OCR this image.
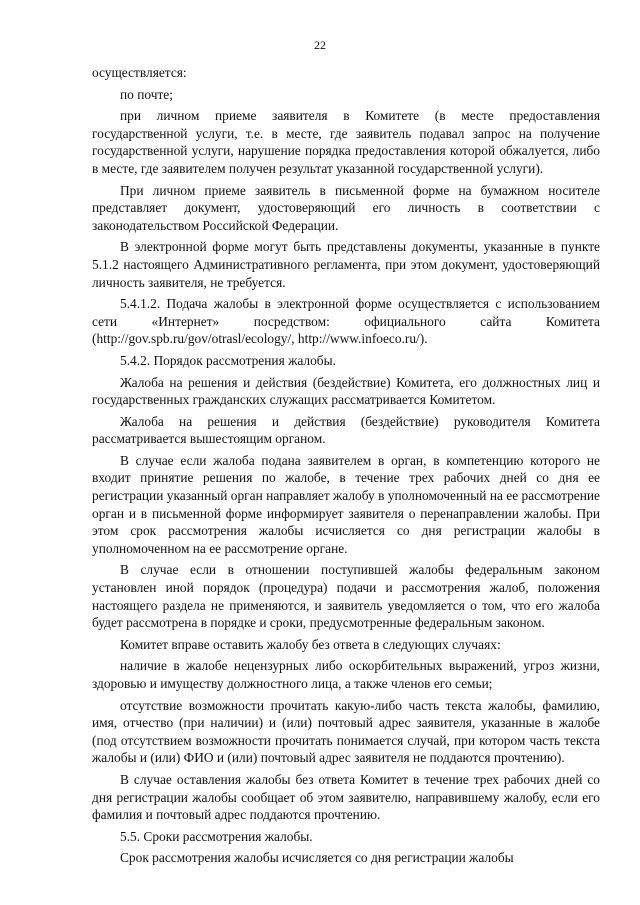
22

осуществляется:

по почте;

при личном приеме заявителя в Комитете (в месте предоставления государственной услуги, т.е. в месте, где заявитель подавал запрос на получение государственной услуги, нарушение порядка предоставления которой обжалуется, либо в месте, где заявителем получен результат указанной государственной услуги).

При личном приеме заявитель в письменной форме на бумажном носителе представляет документ, удостоверяющий его личность в соответствии с законодательством Российской Федерации.

В электронной форме могут быть представлены документы, указанные в пункте 5.1.2 настоящего Административного регламента, при этом документ, удостоверяющий личность заявителя, не требуется.

5.4.1.2. Подача жалобы в электронной форме осуществляется с использованием сети «Интернет» посредством: официального сайта Комитета (http://gov.spb.ru/gov/otrasl/ecology/, http://www.infoeco.ru/).

5.4.2. Порядок рассмотрения жалобы.

Жалоба на решения и действия (бездействие) Комитета, его должностных лиц и государственных гражданских служащих рассматривается Комитетом.

Жалоба на решения и действия (бездействие) руководителя Комитета рассматривается вышестоящим органом.

В случае если жалоба подана заявителем в орган, в компетенцию которого не входит принятие решения по жалобе, в течение трех рабочих дней со дня ее регистрации указанный орган направляет жалобу в уполномоченный на ее рассмотрение орган и в письменной форме информирует заявителя о перенаправлении жалобы. При этом срок рассмотрения жалобы исчисляется со дня регистрации жалобы в уполномоченном на ее рассмотрение органе.

В случае если в отношении поступившей жалобы федеральным законом установлен иной порядок (процедура) подачи и рассмотрения жалоб, положения настоящего раздела не применяются, и заявитель уведомляется о том, что его жалоба будет рассмотрена в порядке и сроки, предусмотренные федеральным законом.

Комитет вправе оставить жалобу без ответа в следующих случаях:

наличие в жалобе нецензурных либо оскорбительных выражений, угроз жизни, здоровью и имуществу должностного лица, а также членов его семьи;

отсутствие возможности прочитать какую-либо часть текста жалобы, фамилию, имя, отчество (при наличии) и (или) почтовый адрес заявителя, указанные в жалобе (под отсутствием возможности прочитать понимается случай, при котором часть текста жалобы и (или) ФИО и (или) почтовый адрес заявителя не поддаются прочтению).

В случае оставления жалобы без ответа Комитет в течение трех рабочих дней со дня регистрации жалобы сообщает об этом заявителю, направившему жалобу, если его фамилия и почтовый адрес поддаются прочтению.

5.5. Сроки рассмотрения жалобы.

Срок рассмотрения жалобы исчисляется со дня регистрации жалобы
